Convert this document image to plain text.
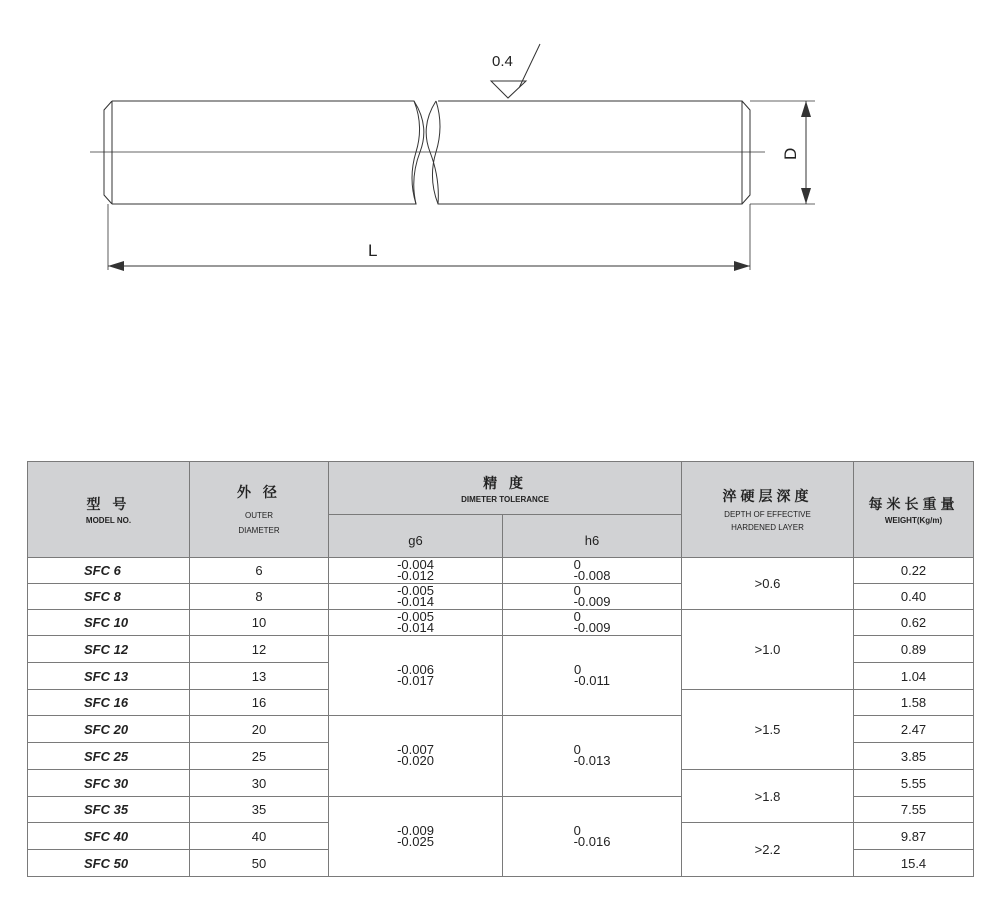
0.4
L
D
型 号
MODEL NO.	外 径
OUTER
DIAMETER	精 度
DIMETER TOLERANCE		淬硬层深度
DEPTH OF EFFECTIVE
HARDENED LAYER	每米长重量
WEIGHT(Kg/m)

		g6	h6		
SFC 6	6	-0.004
-0.012	0
-0.008	>0.6	0.22
SFC 8	8	-0.005
-0.014	0
-0.009		0.40
SFC 10	10	-0.005
-0.014	0
-0.009	>1.0	0.62
SFC 12	12	-0.006
-0.017	0
-0.011		0.89
SFC 13	13				1.04
SFC 16	16			>1.5	1.58
SFC 20	20	-0.007
-0.020	0
-0.013		2.47
SFC 25	25				3.85
SFC 30	30			>1.8	5.55
SFC 35	35	-0.009
-0.025	0
-0.016		7.55
SFC 40	40			>2.2	9.87
SFC 50	50				15.4
